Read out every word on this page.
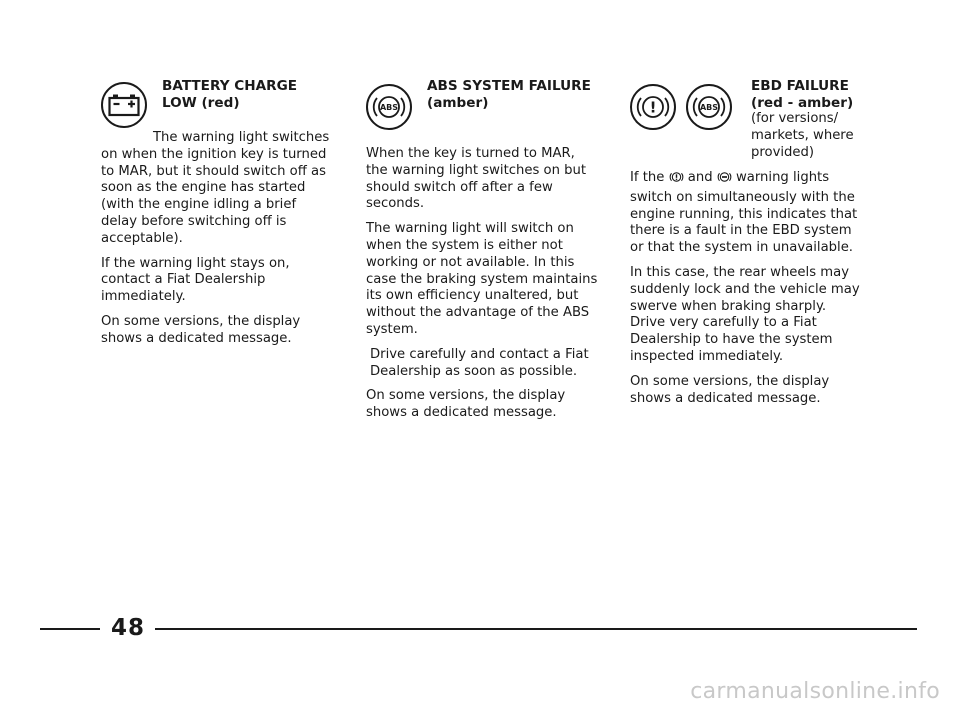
BATTERY CHARGE LOW (red)

The warning light switches on when the ignition key is turned to MAR, but it should switch off as soon as the engine has started (with the engine idling a brief delay before switching off is acceptable).

If the warning light stays on, contact a Fiat Dealership immediately.

On some versions, the display shows a dedicated message.

ABS
ABS SYSTEM FAILURE (amber)

When the key is turned to MAR, the warning light switches on but should switch off after a few seconds.

The warning light will switch on when the system is either not working or not available. In this case the braking system maintains its own efficiency unaltered, but without the advantage of the ABS system.

Drive carefully and contact a Fiat Dealership as soon as possible.

On some versions, the display shows a dedicated message.

!	ABS
EBD FAILURE (red - amber)
(for versions/ markets, where provided)

If the and warning lights switch on simultaneously with the engine running, this indicates that there is a fault in the EBD system or that the system in unavailable.

In this case, the rear wheels may suddenly lock and the vehicle may swerve when braking sharply. Drive very carefully to a Fiat Dealership to have the system inspected immediately.

On some versions, the display shows a dedicated message.

48
carmanualsonline.info
